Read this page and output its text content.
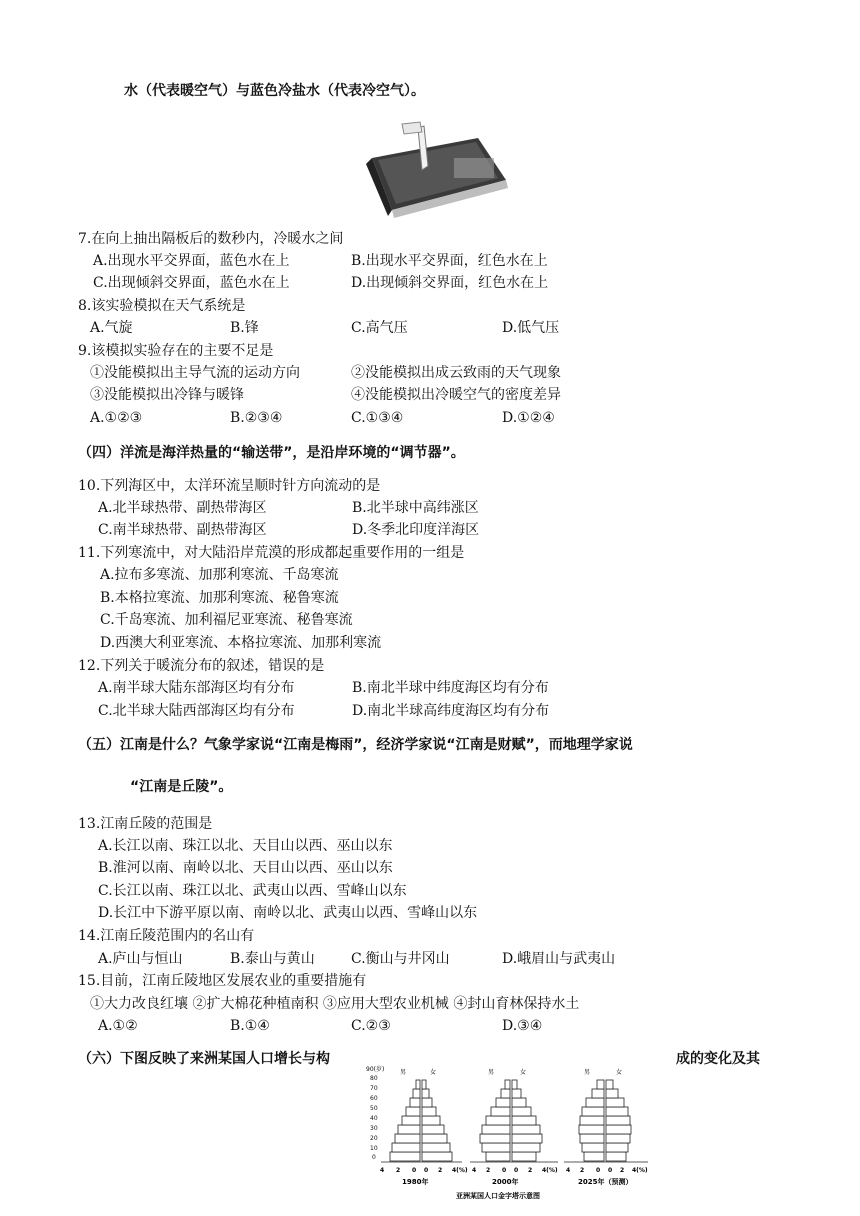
水（代表暖空气）与蓝色冷盐水（代表冷空气）。
7.在向上抽出隔板后的数秒内，冷暖水之间
A.出现水平交界面，蓝色水在上	B.出现水平交界面，红色水在上
C.出现倾斜交界面，蓝色水在上	D.出现倾斜交界面，红色水在上
8.该实验模拟在天气系统是
A.气旋	B.锋	C.高气压	D.低气压
9.该模拟实验存在的主要不足是
①没能模拟出主导气流的运动方向	②没能模拟出成云致雨的天气现象
③没能模拟出冷锋与暖锋	④没能模拟出冷暖空气的密度差异
A.①②③	B.②③④	C.①③④	D.①②④
（四）洋流是海洋热量的“输送带”，是沿岸环境的“调节器”。
10.下列海区中，太洋环流呈顺时针方向流动的是
A.北半球热带、副热带海区	B.北半球中高纬涨区
C.南半球热带、副热带海区	D.冬季北印度洋海区
11.下列寒流中，对大陆沿岸荒漠的形成都起重要作用的一组是
A.拉布多寒流、加那利寒流、千岛寒流
B.本格拉寒流、加那利寒流、秘鲁寒流
C.千岛寒流、加利福尼亚寒流、秘鲁寒流
D.西澳大利亚寒流、本格拉寒流、加那利寒流
12.下列关于暖流分布的叙述，错误的是
A.南半球大陆东部海区均有分布	B.南北半球中纬度海区均有分布
C.北半球大陆西部海区均有分布	D.南北半球高纬度海区均有分布
（五）江南是什么？气象学家说“江南是梅雨”，经济学家说“江南是财赋”，而地理学家说
“江南是丘陵”。
13.江南丘陵的范围是
A.长江以南、珠江以北、天目山以西、巫山以东
B.淮河以南、南岭以北、天目山以西、巫山以东
C.长江以南、珠江以北、武夷山以西、雪峰山以东
D.长江中下游平原以南、南岭以北、武夷山以西、雪峰山以东
14.江南丘陵范围内的名山有
A.庐山与恒山	B.泰山与黄山	C.衡山与井冈山	D.峨眉山与武夷山
15.目前，江南丘陵地区发展农业的重要措施有
①大力改良红壤 ②扩大棉花种植南积 ③应用大型农业机械 ④封山育林保持水土
A.①②	B.①④	C.②③	D.③④
（六）下图反映了来洲某国人口增长与构	成的变化及其
90(岁)
80
70
60
50
40
30
20
10
0
男	女	男	女	男	女
4 2 0 0 2 4(%) 4 2 0 0 2 4(%) 4 2 0 0 2 4(%)
1980年	2000年	2025年（预测）
亚洲某国人口金字塔示意图
